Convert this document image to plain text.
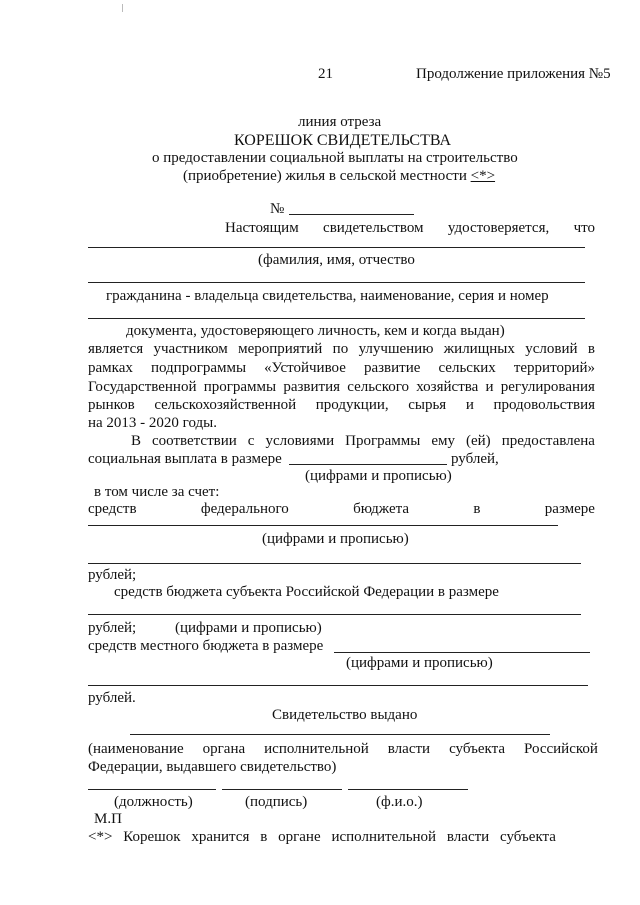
21	Продолжение приложения №5
линия отреза
КОРЕШОК СВИДЕТЕЛЬСТВА
о предоставлении социальной выплаты на строительство
(приобретение) жилья в сельской местности <*>
№
Настоящим свидетельством удостоверяется, что
(фамилия, имя, отчество
гражданина - владельца свидетельства, наименование, серия и номер
документа, удостоверяющего личность, кем и когда выдан)
является участником мероприятий по улучшению жилищных условий в
рамках подпрограммы «Устойчивое развитие сельских территорий»
Государственной программы развития сельского хозяйства и регулирования
рынков сельскохозяйственной продукции, сырья и продовольствия
на 2013 - 2020 годы.
В соответствии с условиями Программы ему (ей) предоставлена
социальная выплата в размере	рублей,
(цифрами и прописью)
в том числе за счет:
средств	федерального	бюджета	в	размере
(цифрами и прописью)
рублей;
средств бюджета субъекта Российской Федерации в размере
рублей;	(цифрами и прописью)
средств местного бюджета в размере
(цифрами и прописью)
рублей.
Свидетельство выдано
(наименование органа исполнительной власти субъекта Российской
Федерации, выдавшего свидетельство)
(должность)	(подпись)	(ф.и.о.)
М.П
<*> Корешок хранится в органе исполнительной власти субъекта
